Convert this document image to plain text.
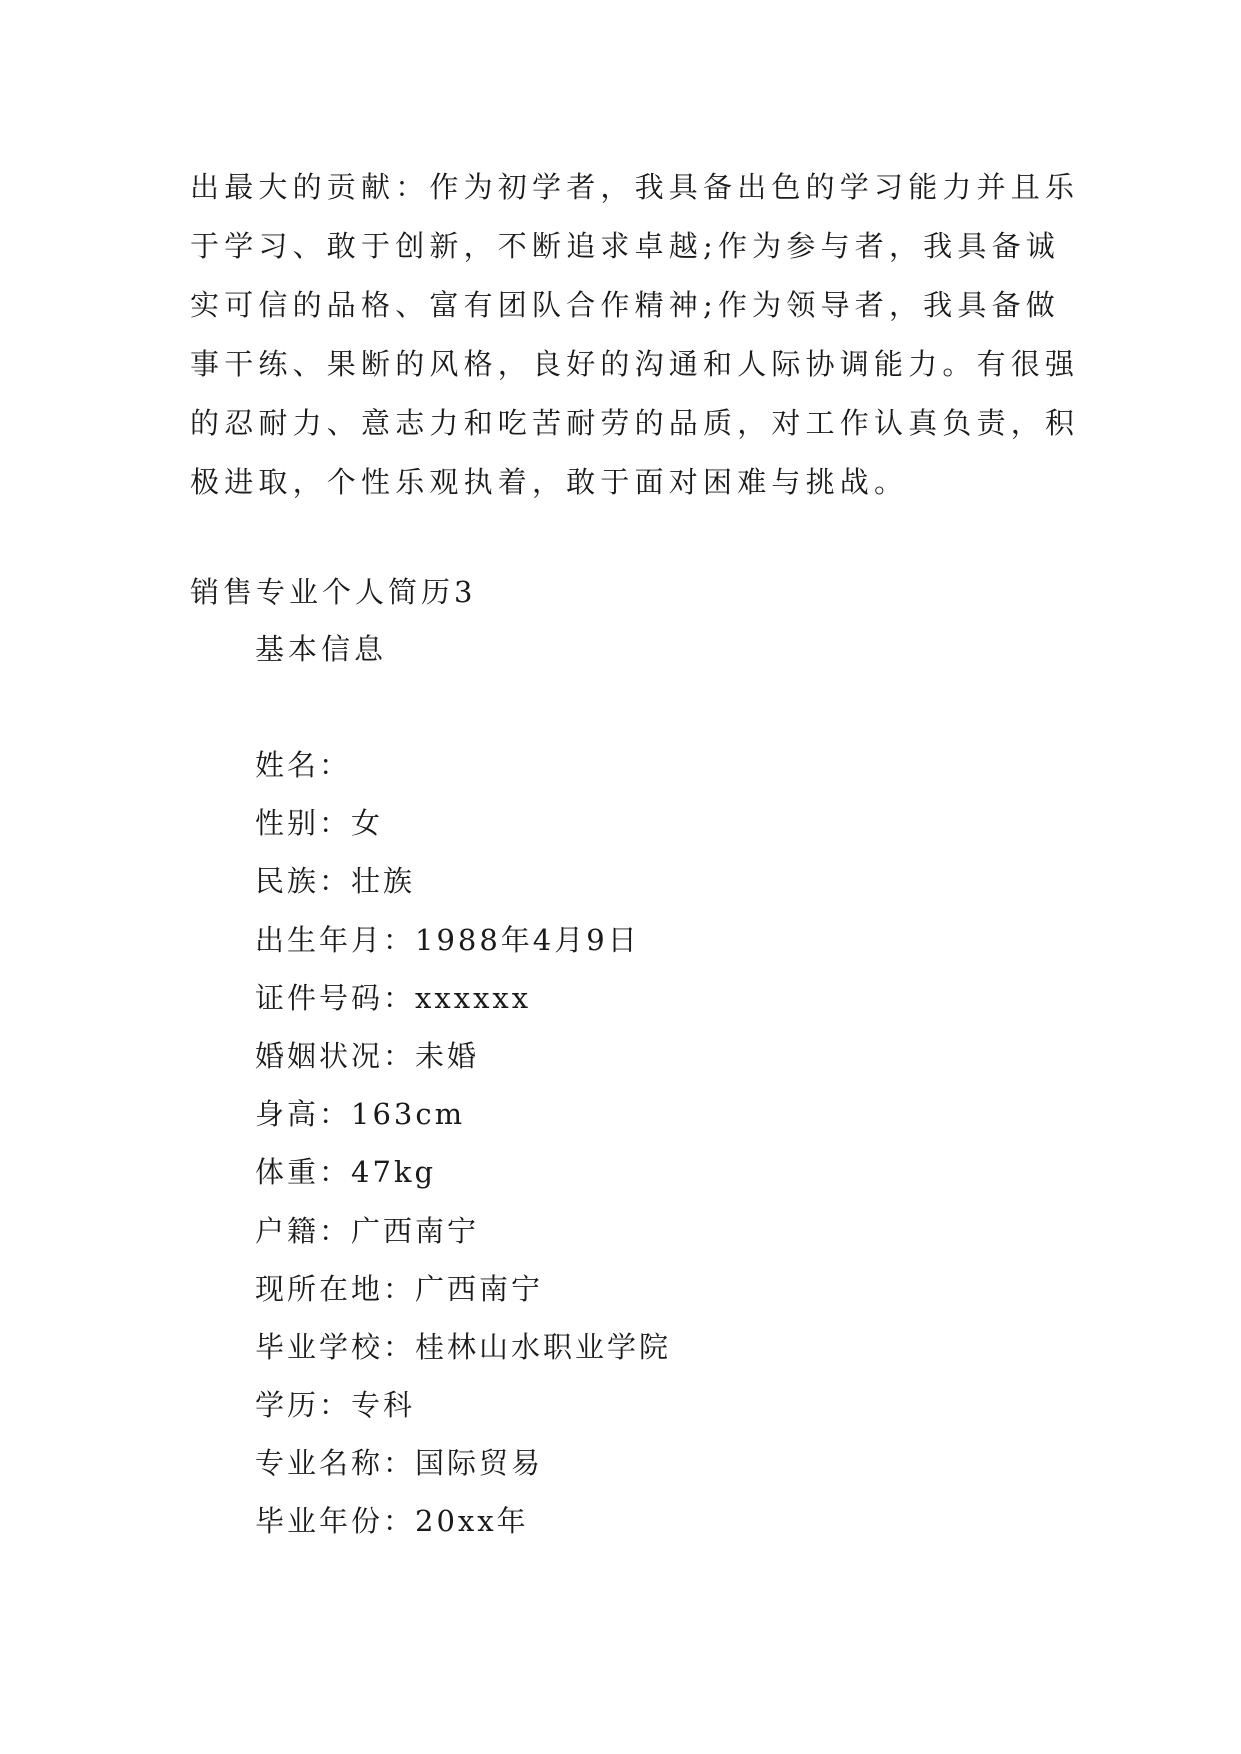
出最大的贡献：作为初学者，我具备出色的学习能力并且乐
于学习、敢于创新，不断追求卓越;作为参与者，我具备诚
实可信的品格、富有团队合作精神;作为领导者，我具备做
事干练、果断的风格，良好的沟通和人际协调能力。有很强
的忍耐力、意志力和吃苦耐劳的品质，对工作认真负责，积
极进取，个性乐观执着，敢于面对困难与挑战。
销售专业个人简历3
基本信息
姓名：
性别：女
民族：壮族
出生年月：1988年4月9日
证件号码：xxxxxx
婚姻状况：未婚
身高：163cm
体重：47kg
户籍：广西南宁
现所在地：广西南宁
毕业学校：桂林山水职业学院
学历：专科
专业名称：国际贸易
毕业年份：20xx年
